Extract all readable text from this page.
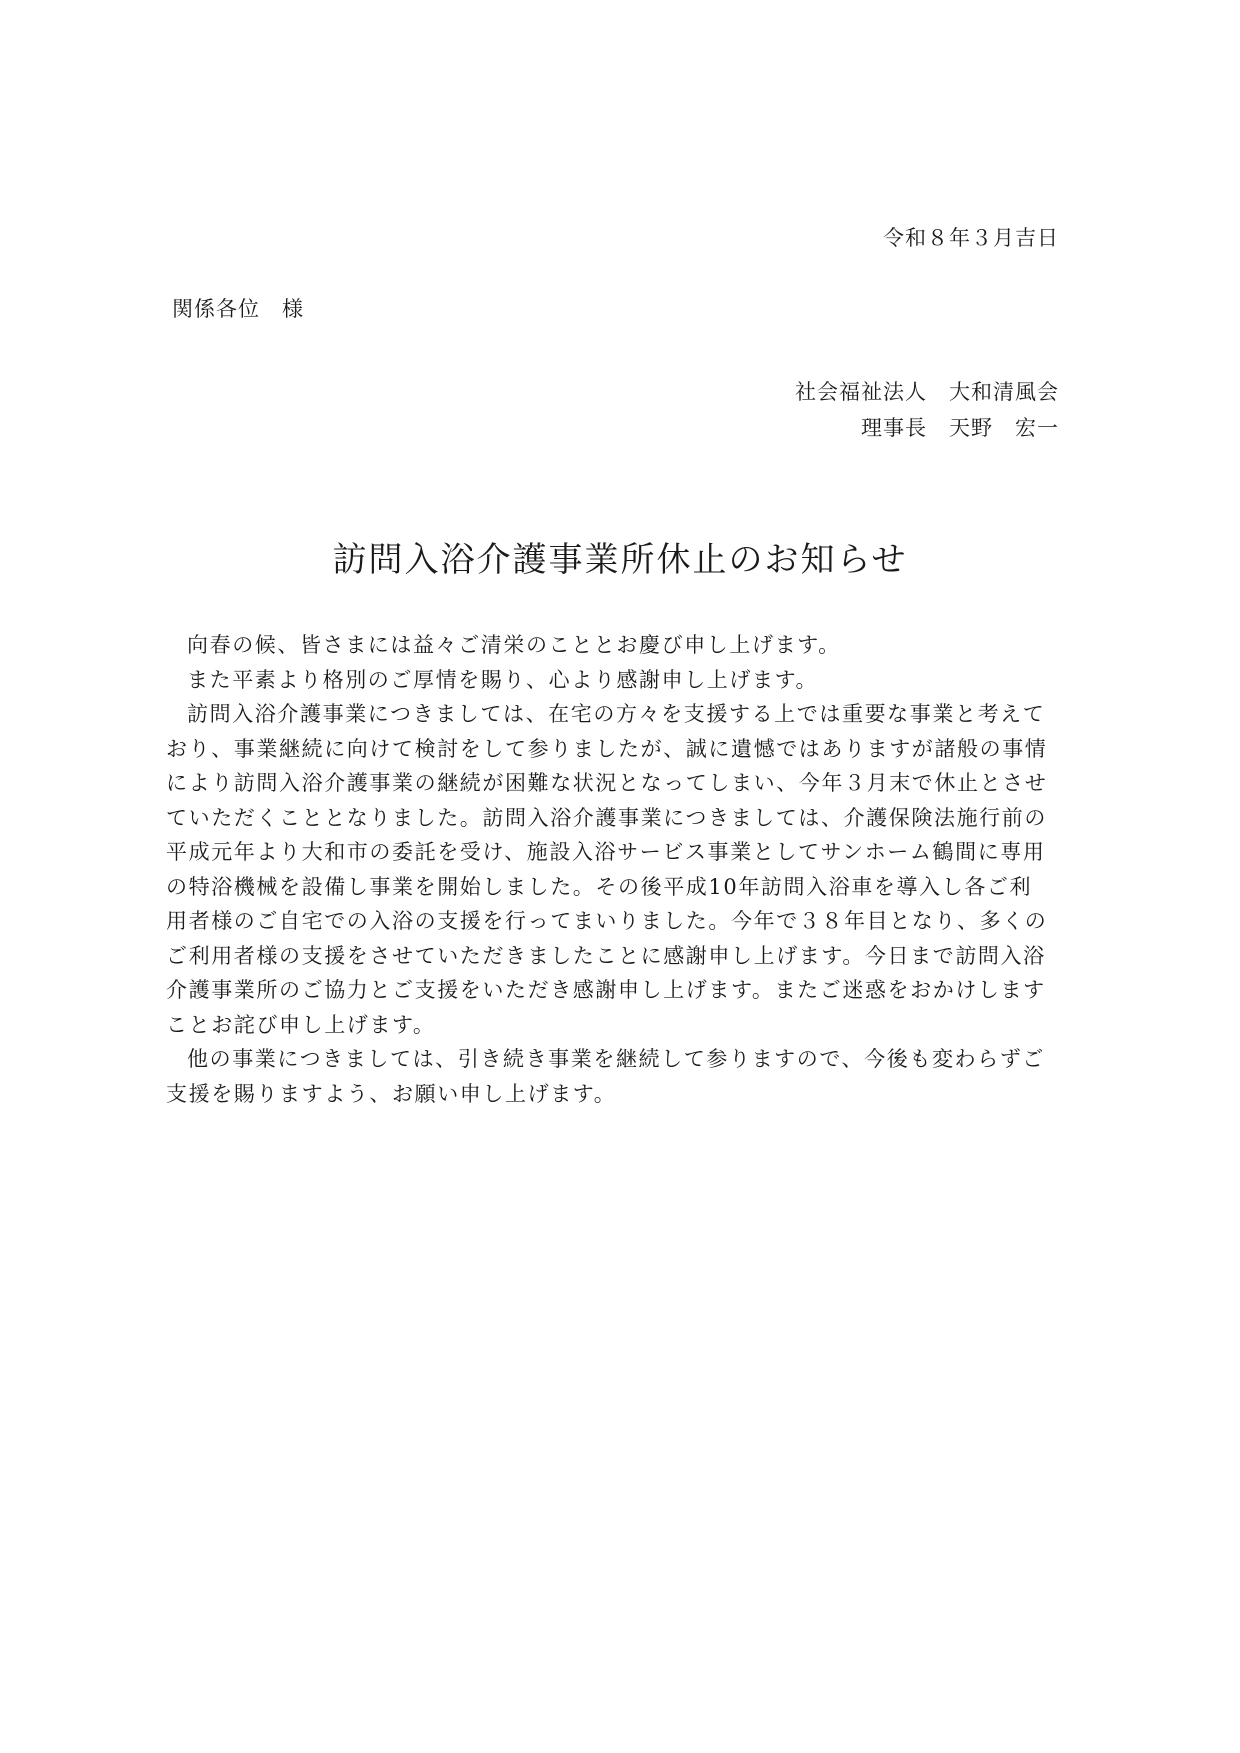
令和８年３月吉日
関係各位　様
社会福祉法人　大和清風会
理事長　天野　宏一
訪問入浴介護事業所休止のお知らせ

向春の候、皆さまには益々ご清栄のこととお慶び申し上げます。

また平素より格別のご厚情を賜り、心より感謝申し上げます。

訪問入浴介護事業につきましては、在宅の方々を支援する上では重要な事業と考えており、事業継続に向けて検討をして参りましたが、誠に遺憾ではありますが諸般の事情により訪問入浴介護事業の継続が困難な状況となってしまい、今年３月末で休止とさせていただくこととなりました。訪問入浴介護事業につきましては、介護保険法施行前の平成元年より大和市の委託を受け、施設入浴サービス事業としてサンホーム鶴間に専用の特浴機械を設備し事業を開始しました。その後平成10年訪問入浴車を導入し各ご利用者様のご自宅での入浴の支援を行ってまいりました。今年で３８年目となり、多くのご利用者様の支援をさせていただきましたことに感謝申し上げます。今日まで訪問入浴介護事業所のご協力とご支援をいただき感謝申し上げます。またご迷惑をおかけしますことお詫び申し上げます。

他の事業につきましては、引き続き事業を継続して参りますので、今後も変わらずご支援を賜りますよう、お願い申し上げます。
